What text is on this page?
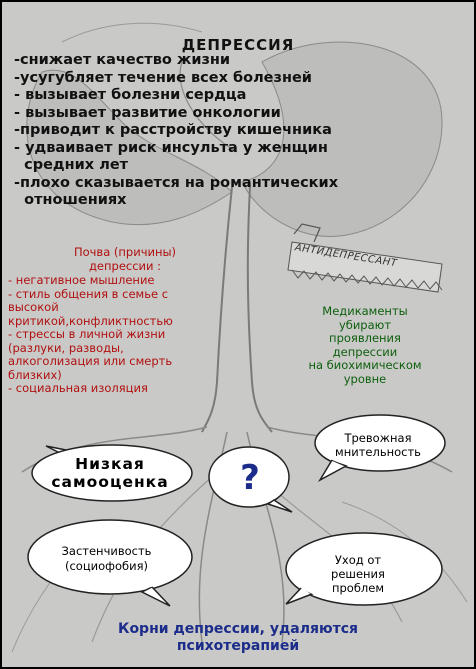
АНТИДЕПРЕССАНТ
ДЕПРЕССИЯ
-снижает качество жизни
-усугубляет течение всех болезней
- вызывает болезни сердца
- вызывает развитие онкологии
-приводит к расстройству кишечника
- удваивает риск инсульта у женщин
средних лет
-плохо сказывается на романтических
отношениях
Почва (причины)
депрессии :
- негативное мышление
- стиль общения в семье с
высокой
критикой,конфликтностью
- стрессы в личной жизни
(разлуки, разводы,
алкоголизация или смерть
близких)
- социальная изоляция
Медикаменты
убирают
проявления
депрессии
на биохимическом
уровне
Низкая
самооценка
Тревожная
мнительность
?
Застенчивость
(социофобия)	Уход от
решения
проблем
Корни депрессии, удаляются
психотерапией
